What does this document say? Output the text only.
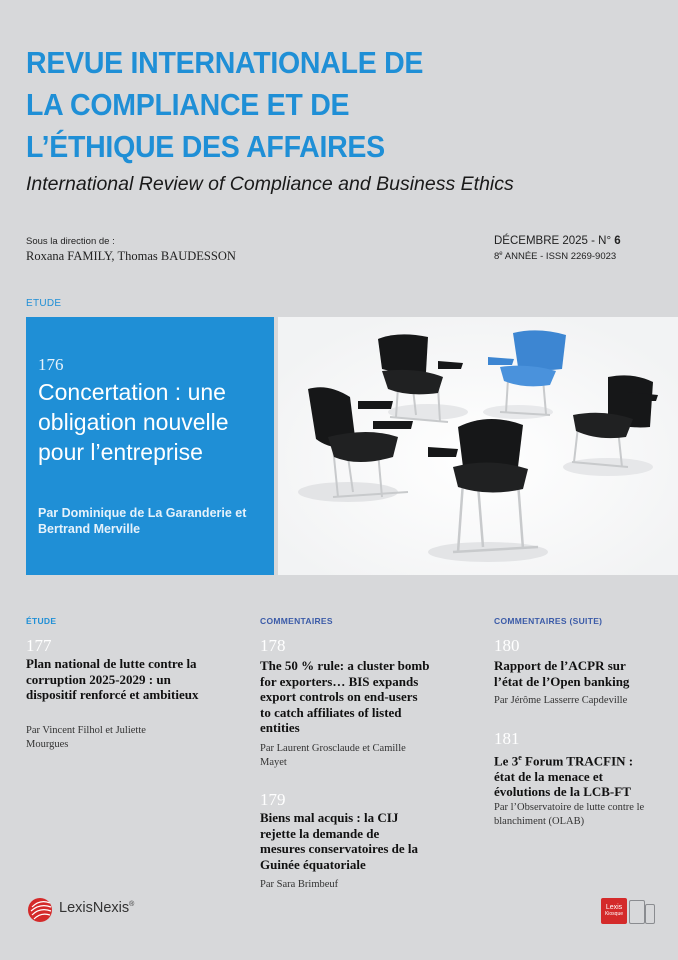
REVUE INTERNATIONALE DE
LA COMPLIANCE ET DE
L’ÉTHIQUE DES AFFAIRES
International Review of Compliance and Business Ethics
Sous la direction de :
Roxana FAMILY, Thomas BAUDESSON
DÉCEMBRE 2025 - N° 6
8e ANNÉE - ISSN 2269-9023
ETUDE
176
Concertation : une obligation nouvelle pour l’entreprise
Par Dominique de La Garanderie et Bertrand Merville
ÉTUDE
177
Plan national de lutte contre la corruption 2025-2029 : un dispositif renforcé et ambitieux
Par Vincent Filhol et Juliette Mourgues
COMMENTAIRES
178
The 50 % rule: a cluster bomb for exporters… BIS expands export controls on end-users to catch affiliates of listed entities
Par Laurent Grosclaude et Camille Mayet
179
Biens mal acquis : la CIJ rejette la demande de mesures conservatoires de la Guinée équatoriale
Par Sara Brimbeuf
COMMENTAIRES (SUITE)
180
Rapport de l’ACPR sur l’état de l’Open banking
Par Jérôme Lasserre Capdeville
181
Le 3e Forum TRACFIN : état de la menace et évolutions de la LCB-FT
Par l’Observatoire de lutte contre le blanchiment (OLAB)
LexisNexis®	Lexis
Kiosque
